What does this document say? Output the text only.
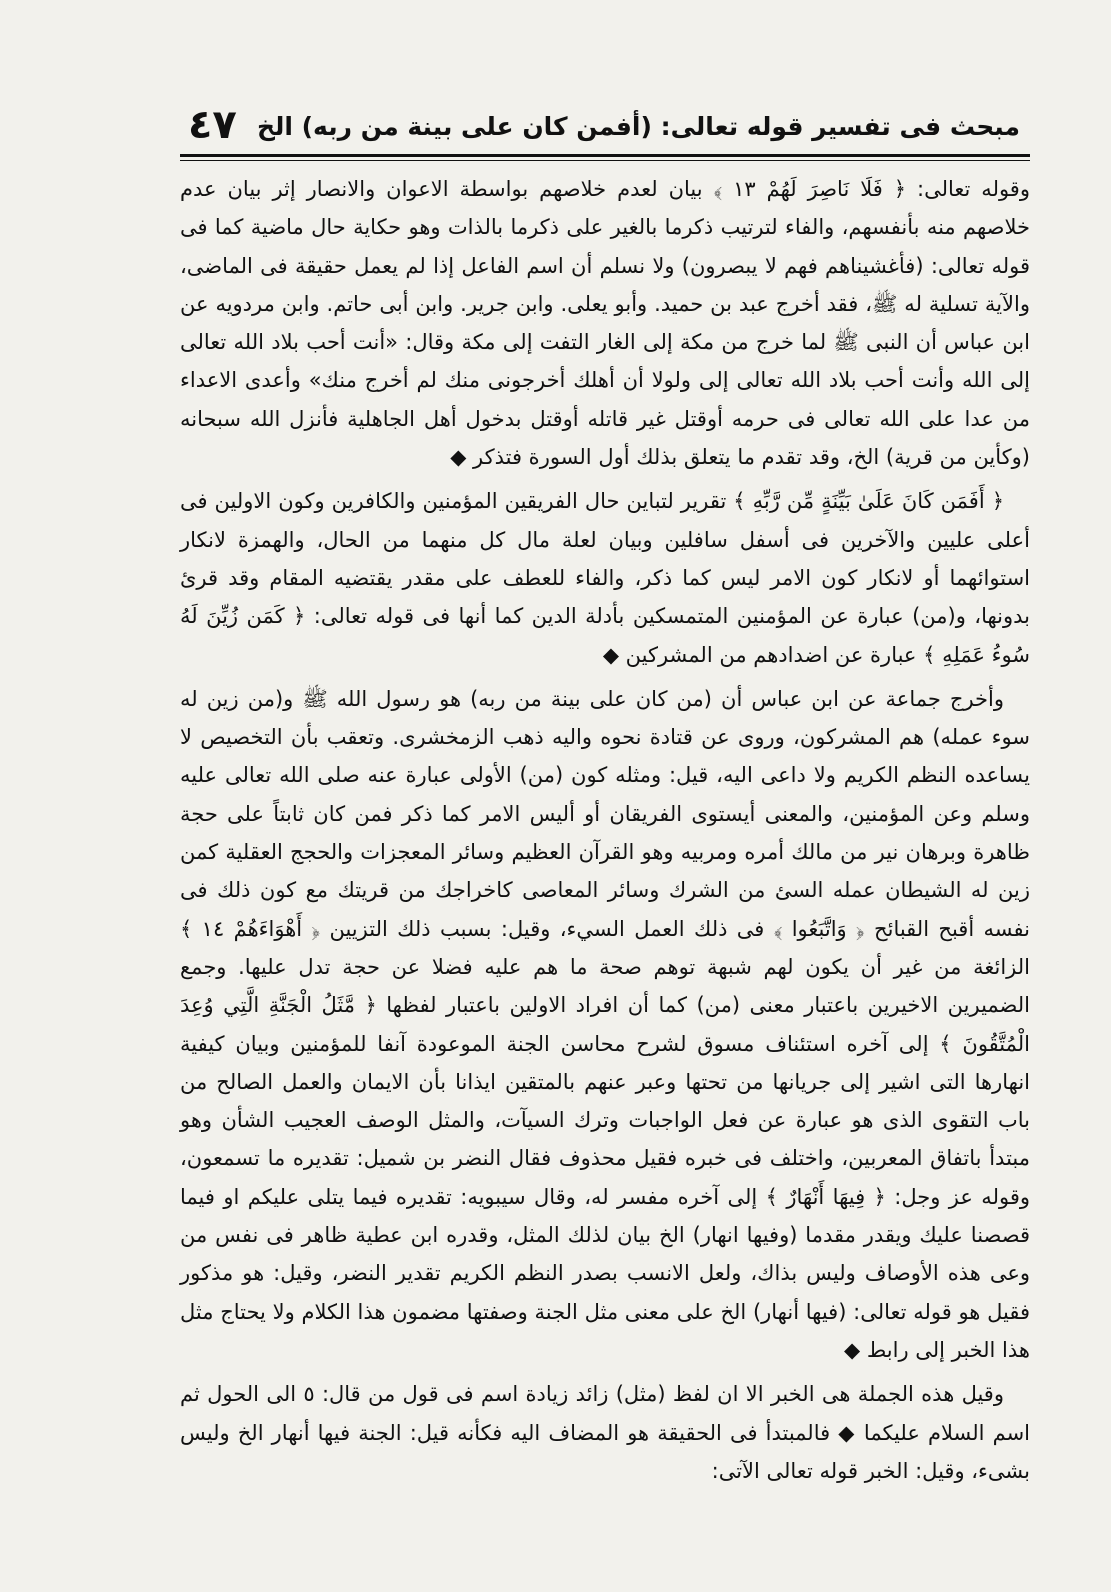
مبحث فى تفسير قوله تعالى: (أفمن كان على بينة من ربه) الخ
٤٧

وقوله تعالى: ﴿ فَلَا نَاصِرَ لَهُمْ ١٣ ﴾ بيان لعدم خلاصهم بواسطة الاعوان والانصار إثر بيان عدم خلاصهم منه بأنفسهم، والفاء لترتيب ذكرما بالغير على ذكرما بالذات وهو حكاية حال ماضية كما فى قوله تعالى: (فأغشيناهم فهم لا يبصرون) ولا نسلم أن اسم الفاعل إذا لم يعمل حقيقة فى الماضى، والآية تسلية له ﷺ، فقد أخرج عبد بن حميد. وأبو يعلى. وابن جرير. وابن أبى حاتم. وابن مردويه عن ابن عباس أن النبى ﷺ لما خرج من مكة إلى الغار التفت إلى مكة وقال: «أنت أحب بلاد الله تعالى إلى الله وأنت أحب بلاد الله تعالى إلى ولولا أن أهلك أخرجونى منك لم أخرج منك» وأعدى الاعداء من عدا على الله تعالى فى حرمه أوقتل غير قاتله أوقتل بدخول أهل الجاهلية فأنزل الله سبحانه (وكأين من قرية) الخ، وقد تقدم ما يتعلق بذلك أول السورة فتذكر ◆

﴿ أَفَمَن كَانَ عَلَىٰ بَيِّنَةٍ مِّن رَّبِّهِ ﴾ تقرير لتباين حال الفريقين المؤمنين والكافرين وكون الاولين فى أعلى عليين والآخرين فى أسفل سافلين وبيان لعلة مال كل منهما من الحال، والهمزة لانكار استوائهما أو لانكار كون الامر ليس كما ذكر، والفاء للعطف على مقدر يقتضيه المقام وقد قرئ بدونها، و(من) عبارة عن المؤمنين المتمسكين بأدلة الدين كما أنها فى قوله تعالى: ﴿ كَمَن زُيِّنَ لَهُ سُوءُ عَمَلِهِ ﴾ عبارة عن اضدادهم من المشركين ◆

وأخرج جماعة عن ابن عباس أن (من كان على بينة من ربه) هو رسول الله ﷺ و(من زين له سوء عمله) هم المشركون، وروى عن قتادة نحوه واليه ذهب الزمخشرى. وتعقب بأن التخصيص لا يساعده النظم الكريم ولا داعى اليه، قيل: ومثله كون (من) الأولى عبارة عنه صلى الله تعالى عليه وسلم وعن المؤمنين، والمعنى أيستوى الفريقان أو أليس الامر كما ذكر فمن كان ثابتاً على حجة ظاهرة وبرهان نير من مالك أمره ومربيه وهو القرآن العظيم وسائر المعجزات والحجج العقلية كمن زين له الشيطان عمله السئ من الشرك وسائر المعاصى كاخراجك من قريتك مع كون ذلك فى نفسه أقبح القبائح ﴿ وَاتَّبَعُوا ﴾ فى ذلك العمل السيء، وقيل: بسبب ذلك التزيين ﴿ أَهْوَاءَهُمْ ١٤ ﴾ الزائغة من غير أن يكون لهم شبهة توهم صحة ما هم عليه فضلا عن حجة تدل عليها. وجمع الضميرين الاخيرين باعتبار معنى (من) كما أن افراد الاولين باعتبار لفظها ﴿ مَّثَلُ الْجَنَّةِ الَّتِي وُعِدَ الْمُتَّقُونَ ﴾ إلى آخره استئناف مسوق لشرح محاسن الجنة الموعودة آنفا للمؤمنين وبيان كيفية انهارها التى اشير إلى جريانها من تحتها وعبر عنهم بالمتقين ايذانا بأن الايمان والعمل الصالح من باب التقوى الذى هو عبارة عن فعل الواجبات وترك السيآت، والمثل الوصف العجيب الشأن وهو مبتدأ باتفاق المعربين، واختلف فى خبره فقيل محذوف فقال النضر بن شميل: تقديره ما تسمعون، وقوله عز وجل: ﴿ فِيهَا أَنْهَارٌ ﴾ إلى آخره مفسر له، وقال سيبويه: تقديره فيما يتلى عليكم او فيما قصصنا عليك ويقدر مقدما (وفيها انهار) الخ بيان لذلك المثل، وقدره ابن عطية ظاهر فى نفس من وعى هذه الأوصاف وليس بذاك، ولعل الانسب بصدر النظم الكريم تقدير النضر، وقيل: هو مذكور فقيل هو قوله تعالى: (فيها أنهار) الخ على معنى مثل الجنة وصفتها مضمون هذا الكلام ولا يحتاج مثل هذا الخبر إلى رابط ◆

وقيل هذه الجملة هى الخبر الا ان لفظ (مثل) زائد زيادة اسم فى قول من قال: ٥ الى الحول ثم اسم السلام عليكما ◆ فالمبتدأ فى الحقيقة هو المضاف اليه فكأنه قيل: الجنة فيها أنهار الخ وليس بشىء، وقيل: الخبر قوله تعالى الآتى:
